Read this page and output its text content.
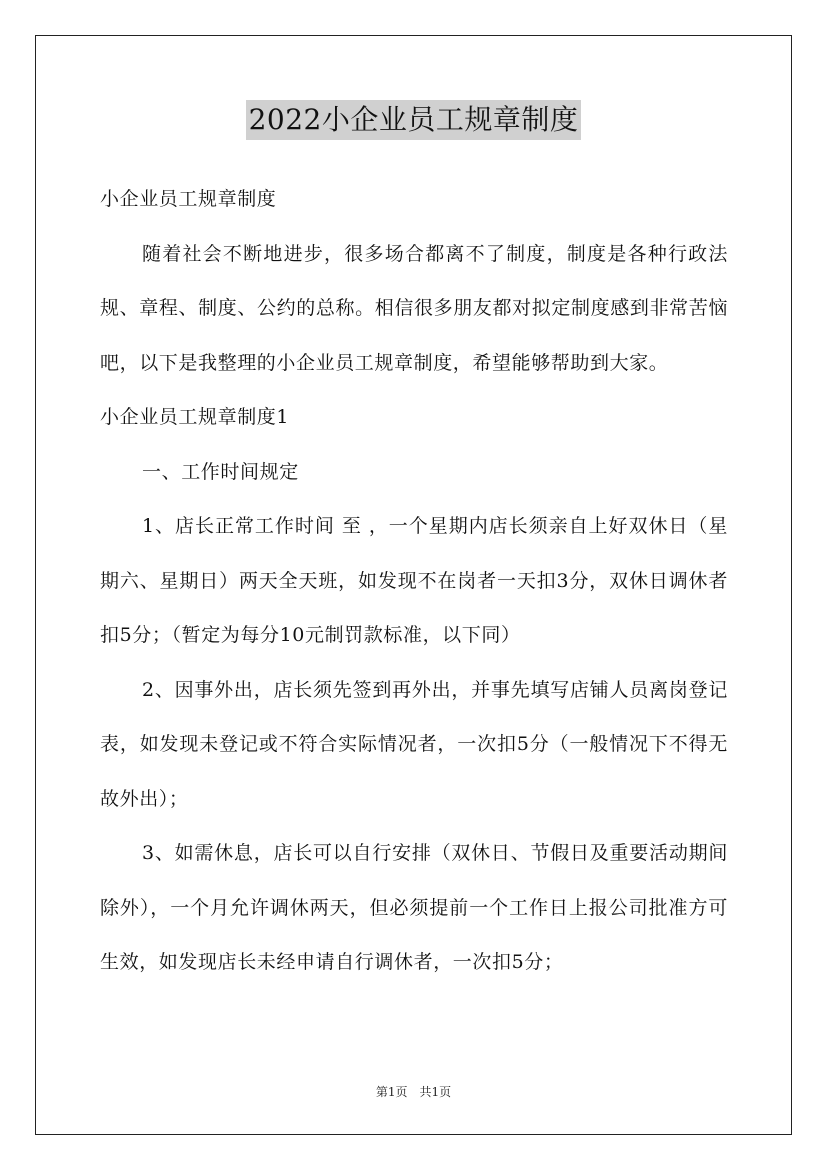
2022小企业员工规章制度

小企业员工规章制度

随着社会不断地进步，很多场合都离不了制度，制度是各种行政法规、章程、制度、公约的总称。相信很多朋友都对拟定制度感到非常苦恼吧，以下是我整理的小企业员工规章制度，希望能够帮助到大家。

小企业员工规章制度1

一、工作时间规定

1、店长正常工作时间 至 ，一个星期内店长须亲自上好双休日（星期六、星期日）两天全天班，如发现不在岗者一天扣3分，双休日调休者扣5分；（暂定为每分10元制罚款标准，以下同）

2、因事外出，店长须先签到再外出，并事先填写店铺人员离岗登记表，如发现未登记或不符合实际情况者，一次扣5分（一般情况下不得无故外出）；

3、如需休息，店长可以自行安排（双休日、节假日及重要活动期间除外），一个月允许调休两天，但必须提前一个工作日上报公司批准方可生效，如发现店长未经申请自行调休者，一次扣5分；

第1页　共1页
